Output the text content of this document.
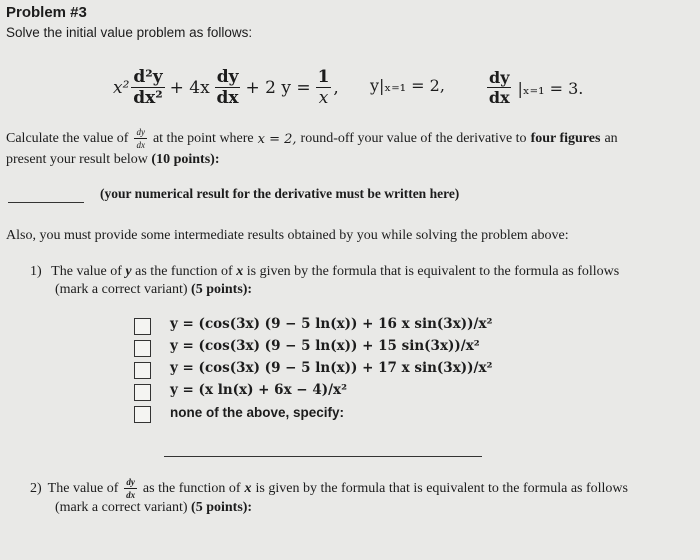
Problem #3
Solve the initial value problem as follows:
$x^2 \frac{\text{d²y}}{\text{dx²}} + 4x \frac{dy}{dx} + 2$ $y = \frac{1}{x}$ , y|ₓ₌₁ = 2,	$\frac{dy}{dx} |_{x=1} = 3$.
Calculate the value of $\frac{dy}{dx}$ at the point where x = 2, round-off your value of the derivative to four figures an
present your result below (10 points):
(your numerical result for the derivative must be written here)
Also, you must provide some intermediate results obtained by you while solving the problem above:
1) The value of y as the function of x is given by the formula that is equivalent to the formula as follows
(mark a correct variant) (5 points):
y = (cos(3x) (9 − 5 ln(x)) + 16 x sin(3x))/x²
y = (cos(3x) (9 − 5 ln(x)) + 15 sin(3x))/x²
y = (cos(3x) (9 − 5 ln(x)) + 17 x sin(3x))/x²
y = (x ln(x) + 6x − 4)/x²
none of the above, specify:
2) The value of $\frac{dy}{dx}$ as the function of x is given by the formula that is equivalent to the formula as follows
(mark a correct variant) (5 points):
